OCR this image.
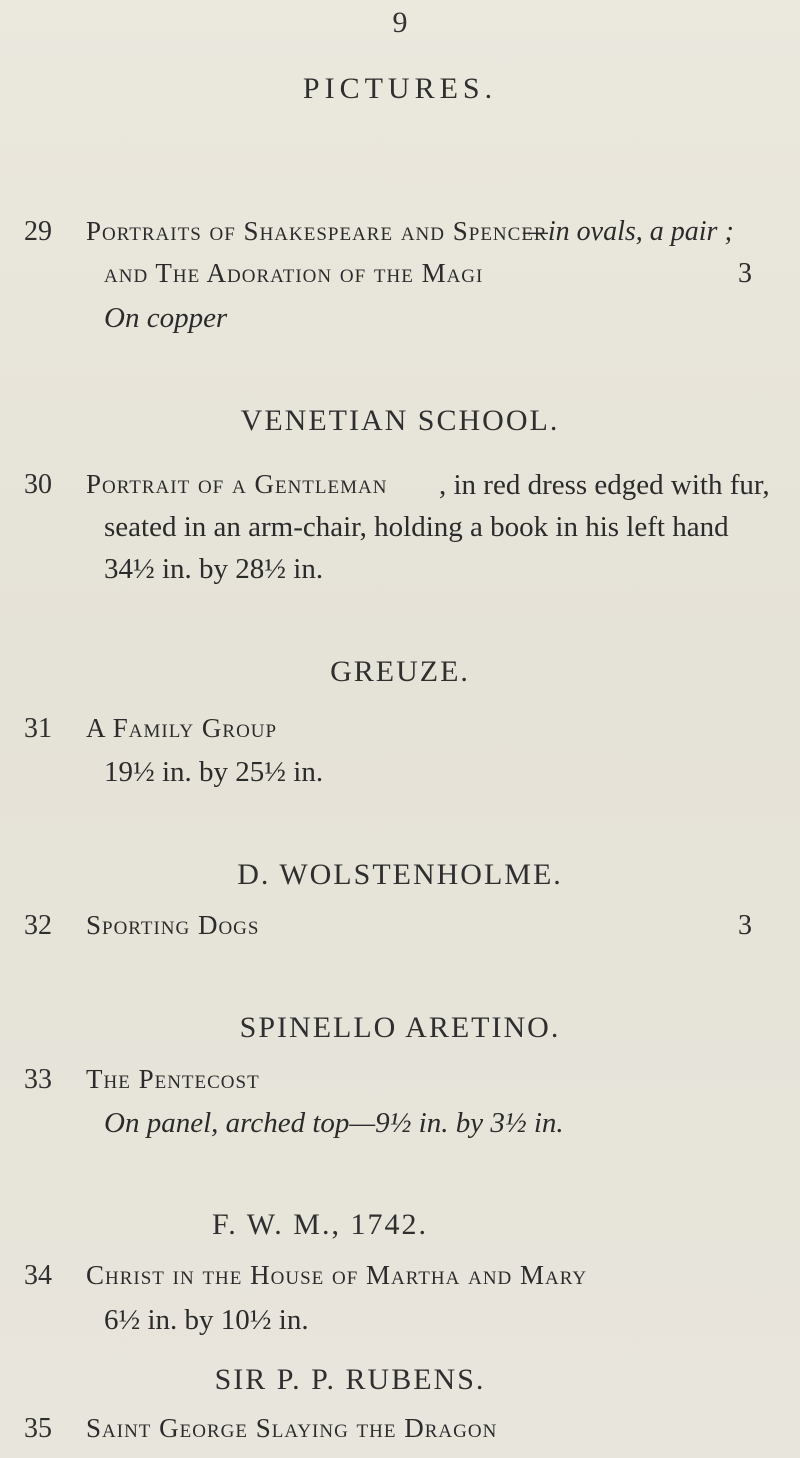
9
PICTURES.
29 Portraits of Shakespeare and Spencer
—in ovals, a pair ;
and The Adoration of the Magi	3
On copper
VENETIAN SCHOOL.
30 Portrait of a Gentleman , in red dress edged with fur,
seated in an arm-chair, holding a book in his left hand
34½ in. by 28½ in.
GREUZE.
31 A Family Group
19½ in. by 25½ in.
D. WOLSTENHOLME.
32 Sporting Dogs	3
SPINELLO ARETINO.
33 The Pentecost
On panel, arched top—9½ in. by 3½ in.
F. W. M., 1742.
34 Christ in the House of Martha and Mary
6½ in. by 10½ in.
SIR P. P. RUBENS.
35 Saint George Slaying the Dragon
